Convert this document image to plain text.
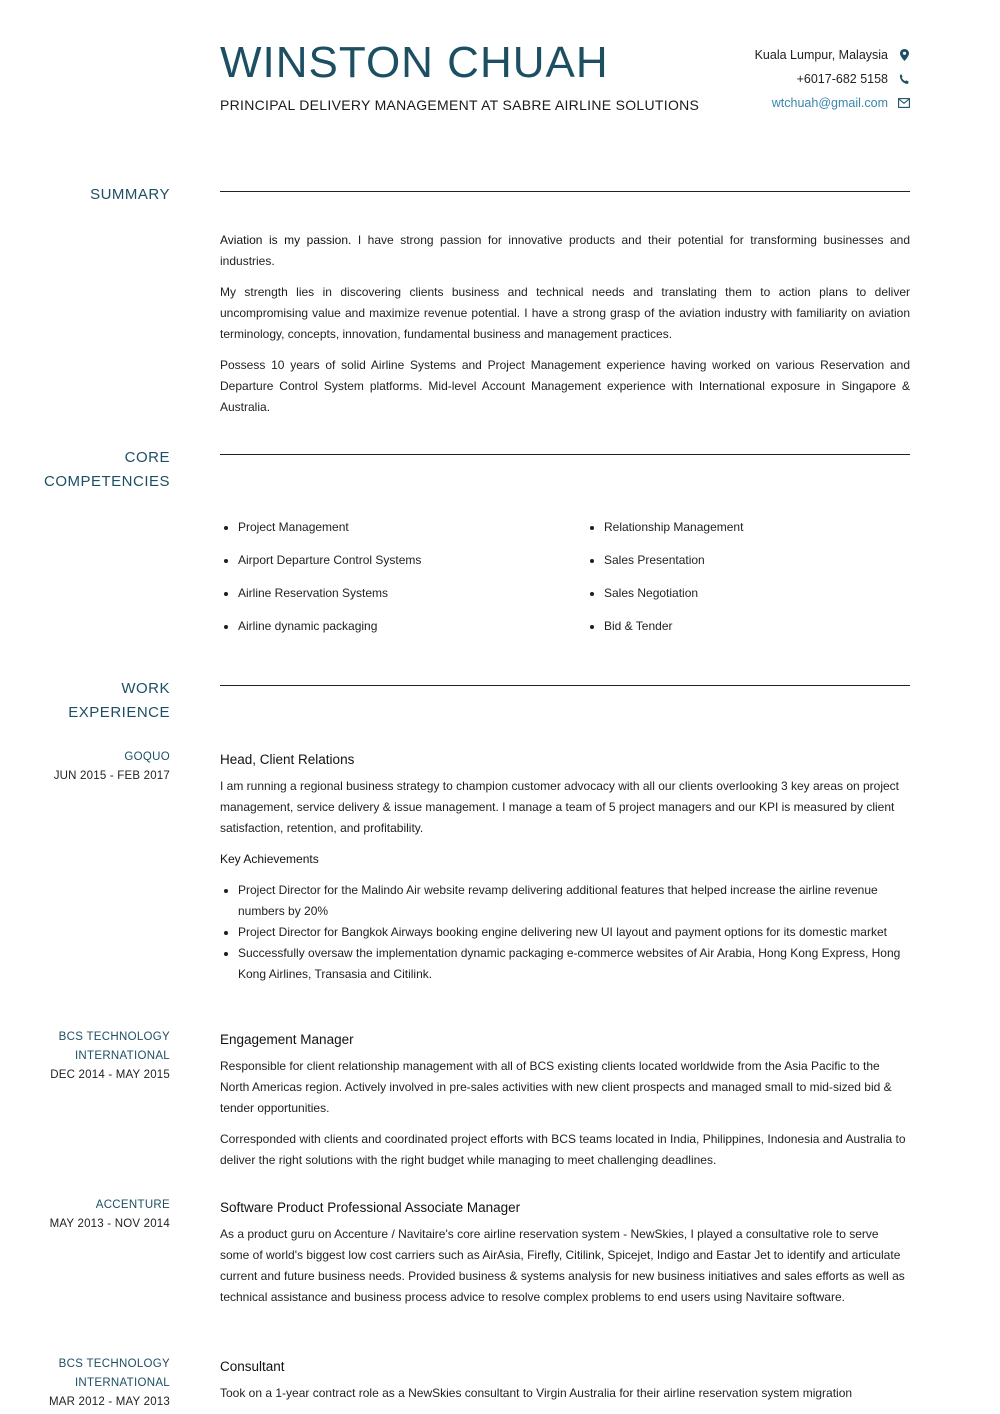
WINSTON CHUAH
PRINCIPAL DELIVERY MANAGEMENT AT SABRE AIRLINE SOLUTIONS
Kuala Lumpur, Malaysia
+6017-682 5158
wtchuah@gmail.com
SUMMARY

Aviation is my passion. I have strong passion for innovative products and their potential for transforming businesses and industries.

My strength lies in discovering clients business and technical needs and translating them to action plans to deliver uncompromising value and maximize revenue potential. I have a strong grasp of the aviation industry with familiarity on aviation terminology, concepts, innovation, fundamental business and management practices.

Possess 10 years of solid Airline Systems and Project Management experience having worked on various Reservation and Departure Control System platforms. Mid-level Account Management experience with International exposure in Singapore & Australia.

CORE
COMPETENCIES
• Project Management
• Airport Departure Control Systems
• Airline Reservation Systems
• Airline dynamic packaging
• Relationship Management
• Sales Presentation
• Sales Negotiation
• Bid & Tender
WORK
EXPERIENCE
GOQUO
JUN 2015 - FEB 2017
Head, Client Relations

I am running a regional business strategy to champion customer advocacy with all our clients overlooking 3 key areas on project management, service delivery & issue management. I manage a team of 5 project managers and our KPI is measured by client satisfaction, retention, and profitability.

Key Achievements

• Project Director for the Malindo Air website revamp delivering additional features that helped increase the airline revenue numbers by 20%
• Project Director for Bangkok Airways booking engine delivering new UI layout and payment options for its domestic market
• Successfully oversaw the implementation dynamic packaging e-commerce websites of Air Arabia, Hong Kong Express, Hong Kong Airlines, Transasia and Citilink.
BCS TECHNOLOGY
INTERNATIONAL
DEC 2014 - MAY 2015
Engagement Manager

Responsible for client relationship management with all of BCS existing clients located worldwide from the Asia Pacific to the North Americas region. Actively involved in pre-sales activities with new client prospects and managed small to mid-sized bid & tender opportunities.

Corresponded with clients and coordinated project efforts with BCS teams located in India, Philippines, Indonesia and Australia to deliver the right solutions with the right budget while managing to meet challenging deadlines.

ACCENTURE
MAY 2013 - NOV 2014
Software Product Professional Associate Manager

As a product guru on Accenture / Navitaire's core airline reservation system - NewSkies, I played a consultative role to serve some of world's biggest low cost carriers such as AirAsia, Firefly, Citilink, Spicejet, Indigo and Eastar Jet to identify and articulate current and future business needs. Provided business & systems analysis for new business initiatives and sales efforts as well as technical assistance and business process advice to resolve complex problems to end users using Navitaire software.

BCS TECHNOLOGY
INTERNATIONAL
MAR 2012 - MAY 2013
Consultant

Took on a 1-year contract role as a NewSkies consultant to Virgin Australia for their airline reservation system migration
